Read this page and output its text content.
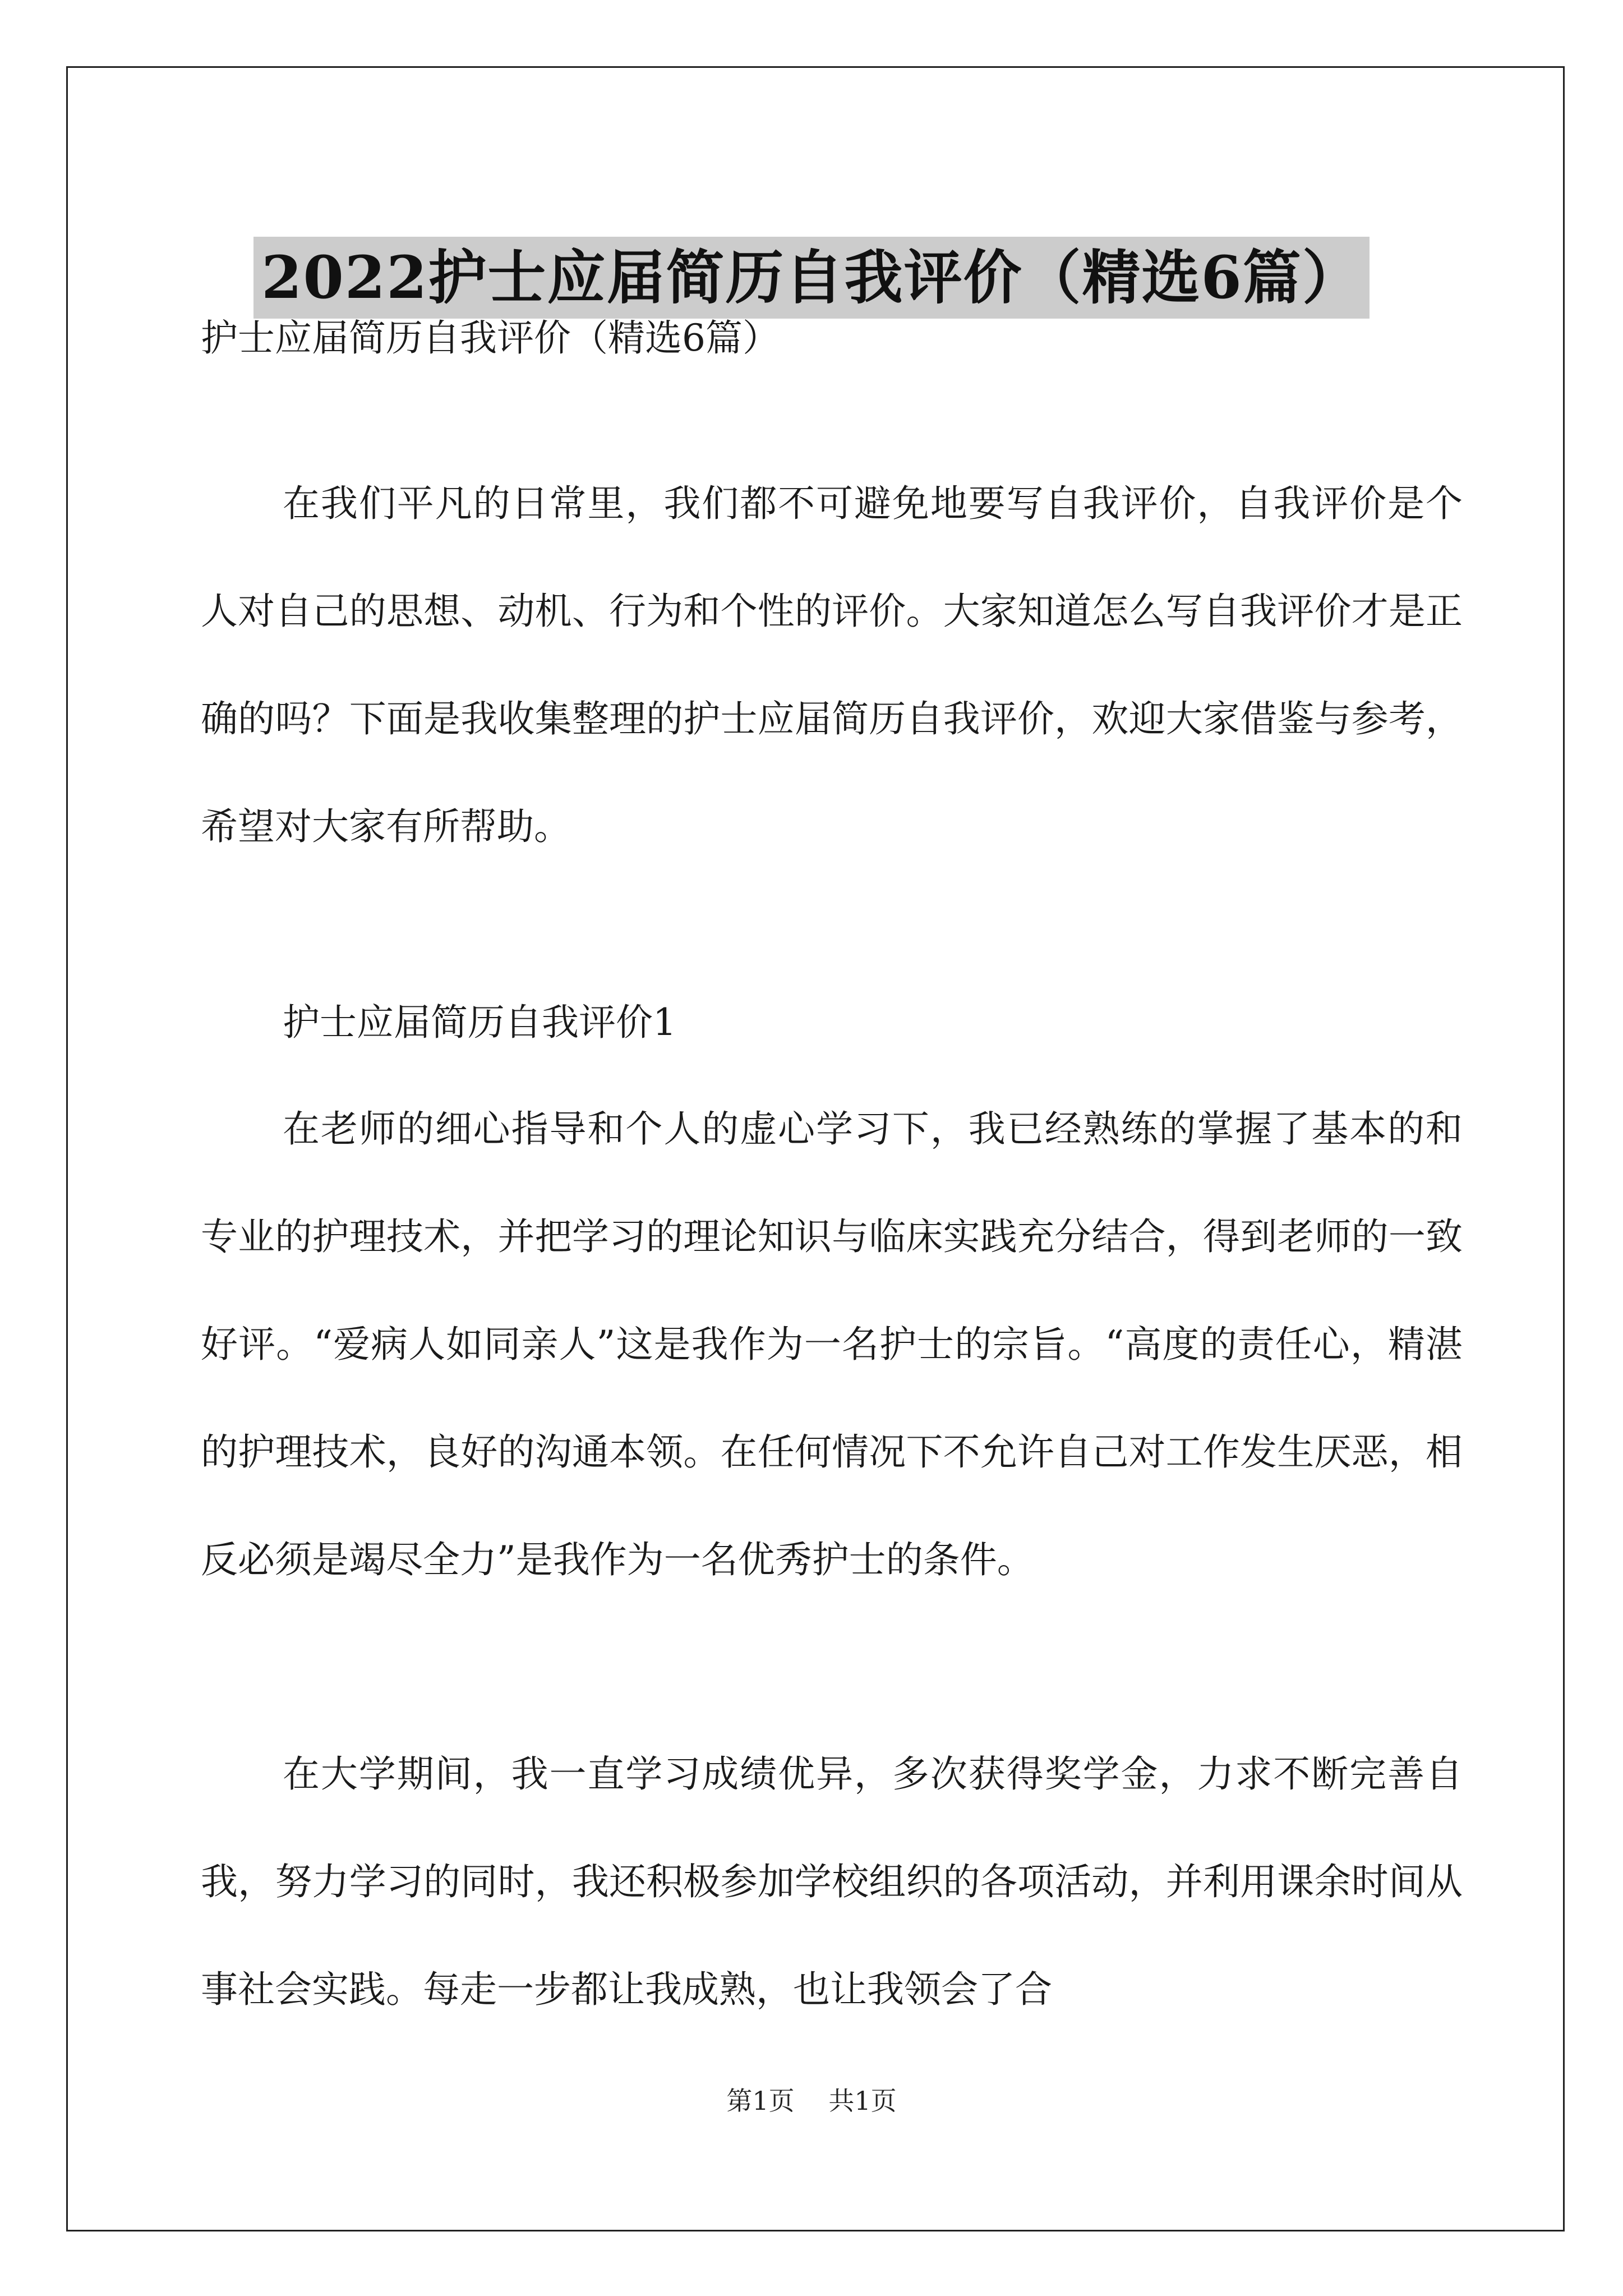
2022护士应届简历自我评价（精选6篇）
护士应届简历自我评价（精选6篇）

在我们平凡的日常里，我们都不可避免地要写自我评价，自我评价是个人对自己的思想、动机、行为和个性的评价。大家知道怎么写自我评价才是正确的吗？下面是我收集整理的护士应届简历自我评价，欢迎大家借鉴与参考，希望对大家有所帮助。

护士应届简历自我评价1

在老师的细心指导和个人的虚心学习下，我已经熟练的掌握了基本的和专业的护理技术，并把学习的理论知识与临床实践充分结合，得到老师的一致好评。“爱病人如同亲人”这是我作为一名护士的宗旨。“高度的责任心，精湛的护理技术，良好的沟通本领。在任何情况下不允许自己对工作发生厌恶，相反必须是竭尽全力”是我作为一名优秀护士的条件。

在大学期间，我一直学习成绩优异，多次获得奖学金，力求不断完善自我，努力学习的同时，我还积极参加学校组织的各项活动，并利用课余时间从事社会实践。每走一步都让我成熟，也让我领会了合

第1页 共1页
